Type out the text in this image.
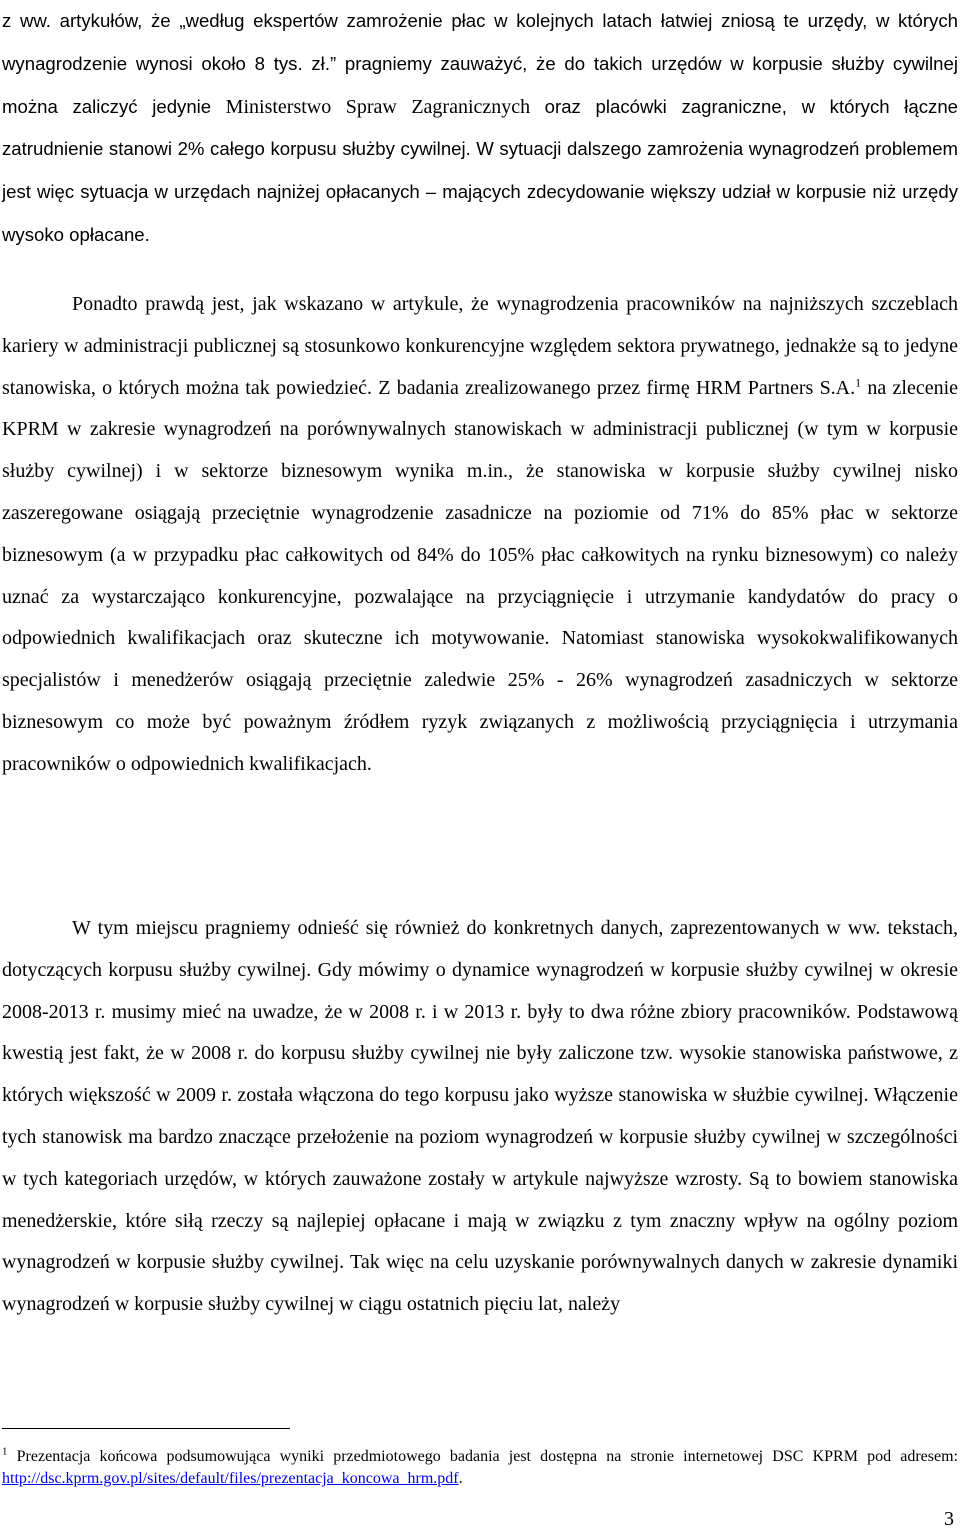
z ww. artykułów, że „według ekspertów zamrożenie płac w kolejnych latach łatwiej zniosą te urzędy, w których wynagrodzenie wynosi około 8 tys. zł.” pragniemy zauważyć, że do takich urzędów w korpusie służby cywilnej można zaliczyć jedynie Ministerstwo Spraw Zagranicznych oraz placówki zagraniczne, w których łączne zatrudnienie stanowi 2% całego korpusu służby cywilnej. W sytuacji dalszego zamrożenia wynagrodzeń problemem jest więc sytuacja w urzędach najniżej opłacanych – mających zdecydowanie większy udział w korpusie niż urzędy wysoko opłacane.

Ponadto prawdą jest, jak wskazano w artykule, że wynagrodzenia pracowników na najniższych szczeblach kariery w administracji publicznej są stosunkowo konkurencyjne względem sektora prywatnego, jednakże są to jedyne stanowiska, o których można tak powiedzieć. Z badania zrealizowanego przez firmę HRM Partners S.A.$^1$ na zlecenie KPRM w zakresie wynagrodzeń na porównywalnych stanowiskach w administracji publicznej (w tym w korpusie służby cywilnej) i w sektorze biznesowym wynika m.in., że stanowiska w korpusie służby cywilnej nisko zaszeregowane osiągają przeciętnie wynagrodzenie zasadnicze na poziomie od 71% do 85% płac w sektorze biznesowym (a w przypadku płac całkowitych od 84% do 105% płac całkowitych na rynku biznesowym) co należy uznać za wystarczająco konkurencyjne, pozwalające na przyciągnięcie i utrzymanie kandydatów do pracy o odpowiednich kwalifikacjach oraz skuteczne ich motywowanie. Natomiast stanowiska wysokokwalifikowanych specjalistów i menedżerów osiągają przeciętnie zaledwie 25% - 26% wynagrodzeń zasadniczych w sektorze biznesowym co może być poważnym źródłem ryzyk związanych z możliwością przyciągnięcia i utrzymania pracowników o odpowiednich kwalifikacjach.

W tym miejscu pragniemy odnieść się również do konkretnych danych, zaprezentowanych w ww. tekstach, dotyczących korpusu służby cywilnej. Gdy mówimy o dynamice wynagrodzeń w korpusie służby cywilnej w okresie 2008-2013 r. musimy mieć na uwadze, że w 2008 r. i w 2013 r. były to dwa różne zbiory pracowników. Podstawową kwestią jest fakt, że w 2008 r. do korpusu służby cywilnej nie były zaliczone tzw. wysokie stanowiska państwowe, z których większość w 2009 r. została włączona do tego korpusu jako wyższe stanowiska w służbie cywilnej. Włączenie tych stanowisk ma bardzo znaczące przełożenie na poziom wynagrodzeń w korpusie służby cywilnej w szczególności w tych kategoriach urzędów, w których zauważone zostały w artykule najwyższe wzrosty. Są to bowiem stanowiska menedżerskie, które siłą rzeczy są najlepiej opłacane i mają w związku z tym znaczny wpływ na ogólny poziom wynagrodzeń w korpusie służby cywilnej. Tak więc na celu uzyskanie porównywalnych danych w zakresie dynamiki wynagrodzeń w korpusie służby cywilnej w ciągu ostatnich pięciu lat, należy

$^1$ Prezentacja końcowa podsumowująca wyniki przedmiotowego badania jest dostępna na stronie internetowej DSC KPRM pod adresem: http://dsc.kprm.gov.pl/sites/default/files/prezentacja_koncowa_hrm.pdf.

3
